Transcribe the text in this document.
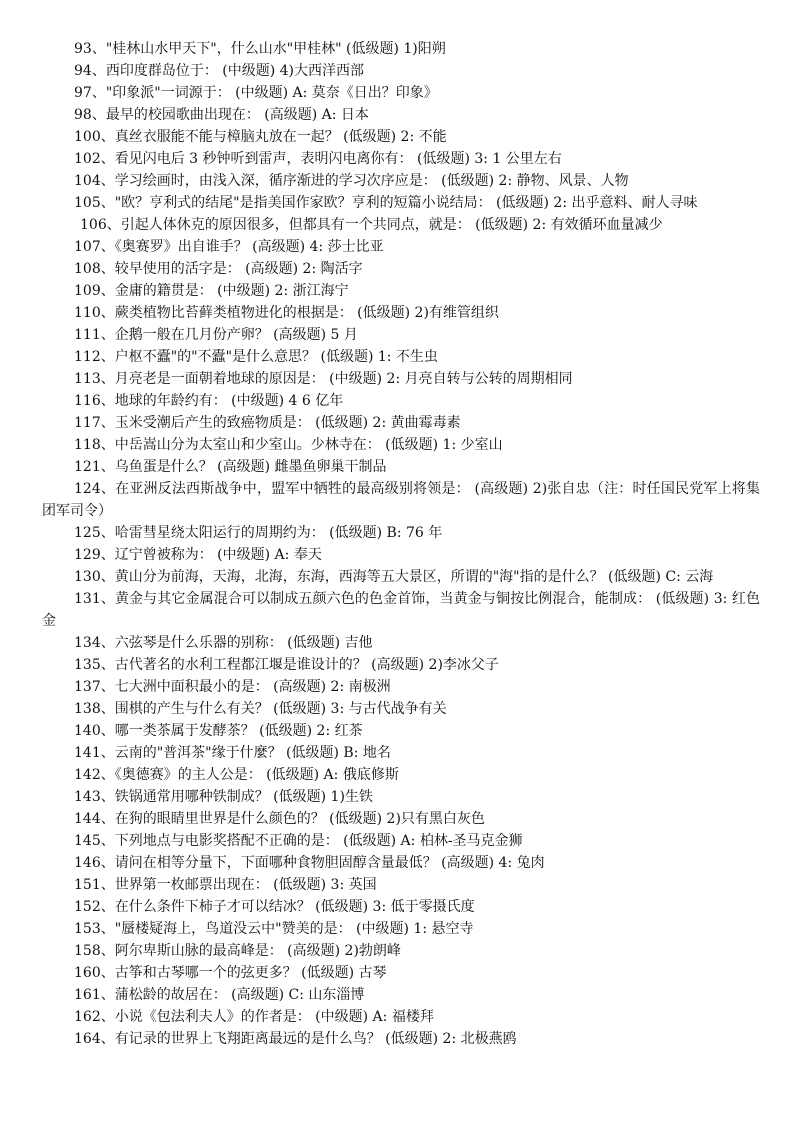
93、"桂林山水甲天下"，什么山水"甲桂林" (低级题) 1)阳朔
94、西印度群岛位于： (中级题) 4)大西洋西部
97、"印象派"一词源于： (中级题) A: 莫奈《日出？印象》
98、最早的校园歌曲出现在： (高级题) A: 日本
100、真丝衣服能不能与樟脑丸放在一起？ (低级题) 2: 不能
102、看见闪电后 3 秒钟听到雷声，表明闪电离你有： (低级题) 3: 1 公里左右
104、学习绘画时，由浅入深，循序渐进的学习次序应是： (低级题) 2: 静物、风景、人物
105、"欧？亨利式的结尾"是指美国作家欧？亨利的短篇小说结局： (低级题) 2: 出乎意料、耐人寻味
106、引起人体休克的原因很多，但都具有一个共同点，就是： (低级题) 2: 有效循环血量减少
107、《奥赛罗》出自谁手？ (高级题) 4: 莎士比亚
108、较早使用的活字是： (高级题) 2: 陶活字
109、金庸的籍贯是： (中级题) 2: 浙江海宁
110、蕨类植物比苔藓类植物进化的根据是： (低级题) 2)有维管组织
111、企鹅一般在几月份产卵？ (高级题) 5 月
112、户枢不蠹"的"不蠹"是什么意思？ (低级题) 1: 不生虫
113、月亮老是一面朝着地球的原因是： (中级题) 2: 月亮自转与公转的周期相同
116、地球的年龄约有： (中级题) 4 6 亿年
117、玉米受潮后产生的致癌物质是： (低级题) 2: 黄曲霉毒素
118、中岳嵩山分为太室山和少室山。少林寺在： (低级题) 1: 少室山
121、乌鱼蛋是什么？ (高级题) 雌墨鱼卵巢干制品
124、在亚洲反法西斯战争中，盟军中牺牲的最高级别将领是： (高级题) 2)张自忠（注：时任国民党军上将集团军司令）
125、哈雷彗星绕太阳运行的周期约为： (低级题) B: 76 年
129、辽宁曾被称为： (中级题) A: 奉天
130、黄山分为前海，天海，北海，东海，西海等五大景区，所谓的"海"指的是什么？ (低级题) C: 云海
131、黄金与其它金属混合可以制成五颜六色的色金首饰，当黄金与铜按比例混合，能制成： (低级题) 3: 红色金
134、六弦琴是什么乐器的别称： (低级题) 吉他
135、古代著名的水利工程都江堰是谁设计的？ (高级题) 2)李冰父子
137、七大洲中面积最小的是： (高级题) 2: 南极洲
138、围棋的产生与什么有关？ (低级题) 3: 与古代战争有关
140、哪一类茶属于发酵茶？ (低级题) 2: 红茶
141、云南的"普洱茶"缘于什麼？ (低级题) B: 地名
142、《奥德赛》的主人公是： (低级题) A: 俄底修斯
143、铁锅通常用哪种铁制成？ (低级题) 1)生铁
144、在狗的眼睛里世界是什么颜色的？ (低级题) 2)只有黑白灰色
145、下列地点与电影奖搭配不正确的是： (低级题) A: 柏林-圣马克金狮
146、请问在相等分量下，下面哪种食物胆固醇含量最低？ (高级题) 4: 兔肉
151、世界第一枚邮票出现在： (低级题) 3: 英国
152、在什么条件下柿子才可以结冰？ (低级题) 3: 低于零摄氏度
153、"蜃楼疑海上，鸟道没云中"赞美的是： (中级题) 1: 悬空寺
158、阿尔卑斯山脉的最高峰是： (高级题) 2)勃朗峰
160、古筝和古琴哪一个的弦更多？ (低级题) 古琴
161、蒲松龄的故居在： (高级题) C: 山东淄博
162、小说《包法利夫人》的作者是： (中级题) A: 福楼拜
164、有记录的世界上飞翔距离最远的是什么鸟？ (低级题) 2: 北极燕鸥
